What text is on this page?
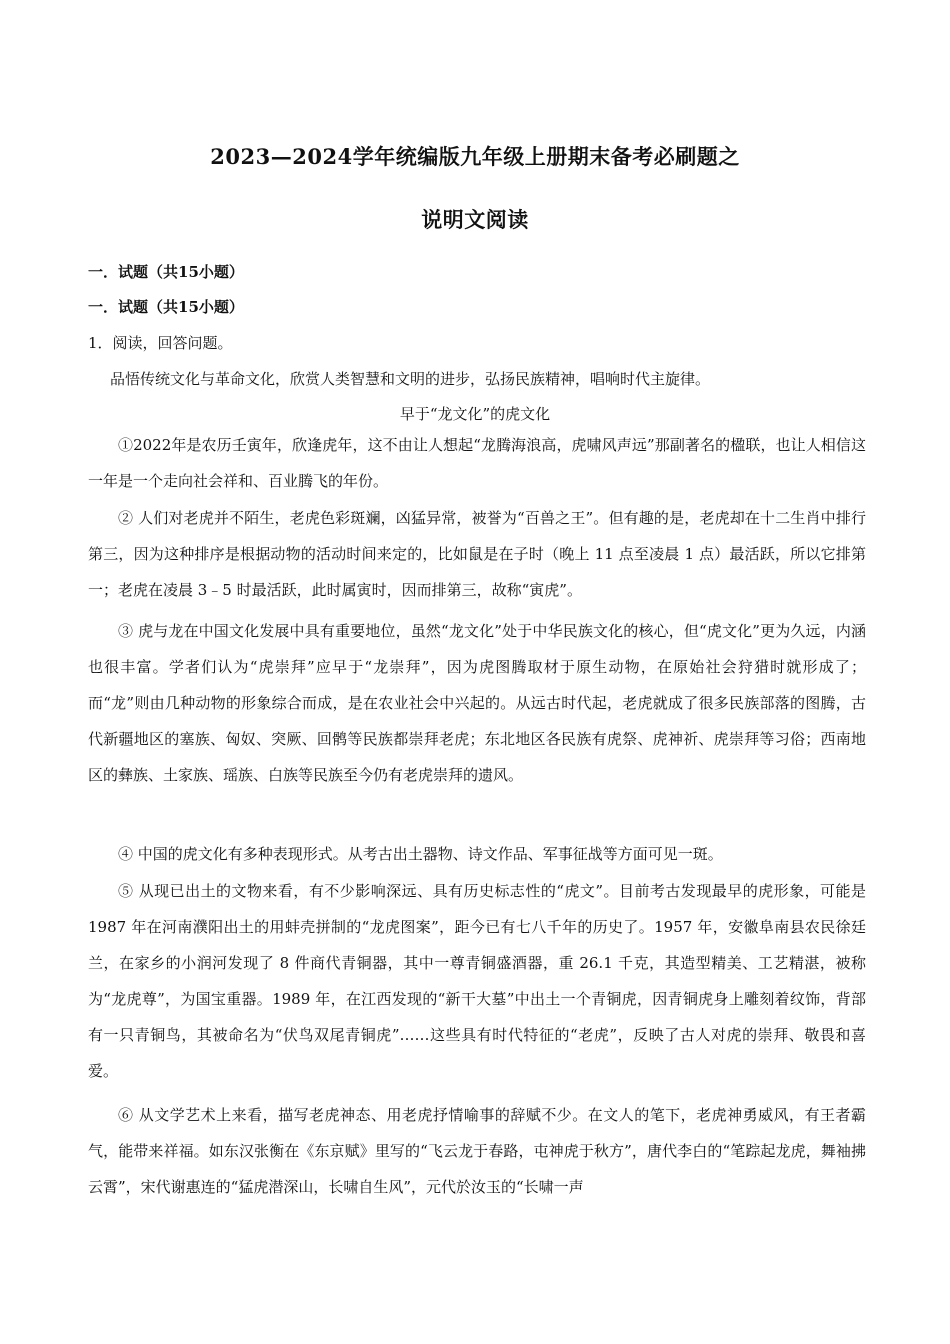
2023—2024学年统编版九年级上册期末备考必刷题之
说明文阅读
一．试题（共15小题）
一．试题（共15小题）
1．阅读，回答问题。
品悟传统文化与革命文化，欣赏人类智慧和文明的进步，弘扬民族精神，唱响时代主旋律。
早于“龙文化”的虎文化

①2022年是农历壬寅年，欣逢虎年，这不由让人想起“龙腾海浪高，虎啸风声远”那副著名的楹联，也让人相信这一年是一个走向社会祥和、百业腾飞的年份。

② 人们对老虎并不陌生，老虎色彩斑斓，凶猛异常，被誉为“百兽之王”。但有趣的是，老虎却在十二生肖中排行第三，因为这种排序是根据动物的活动时间来定的，比如鼠是在子时（晚上 11 点至凌晨 1 点）最活跃，所以它排第一；老虎在凌晨 3﹣5 时最活跃，此时属寅时，因而排第三，故称“寅虎”。

③ 虎与龙在中国文化发展中具有重要地位，虽然“龙文化”处于中华民族文化的核心，但“虎文化”更为久远，内涵也很丰富。学者们认为“虎崇拜”应早于“龙崇拜”，因为虎图腾取材于原生动物，在原始社会狩猎时就形成了；而“龙”则由几种动物的形象综合而成，是在农业社会中兴起的。从远古时代起，老虎就成了很多民族部落的图腾，古代新疆地区的塞族、匈奴、突厥、回鹘等民族都崇拜老虎；东北地区各民族有虎祭、虎神祈、虎崇拜等习俗；西南地区的彝族、土家族、瑶族、白族等民族至今仍有老虎崇拜的遗风。

④ 中国的虎文化有多种表现形式。从考古出土器物、诗文作品、军事征战等方面可见一斑。

⑤ 从现已出土的文物来看，有不少影响深远、具有历史标志性的“虎文”。目前考古发现最早的虎形象，可能是 1987 年在河南濮阳出土的用蚌壳拼制的“龙虎图案”，距今已有七八千年的历史了。1957 年，安徽阜南县农民徐廷兰，在家乡的小润河发现了 8 件商代青铜器，其中一尊青铜盛酒器，重 26.1 千克，其造型精美、工艺精湛，被称为“龙虎尊”，为国宝重器。1989 年，在江西发现的“新干大墓”中出土一个青铜虎，因青铜虎身上雕刻着纹饰，背部有一只青铜鸟，其被命名为“伏鸟双尾青铜虎”……这些具有时代特征的“老虎”，反映了古人对虎的崇拜、敬畏和喜爱。

⑥ 从文学艺术上来看，描写老虎神态、用老虎抒情喻事的辞赋不少。在文人的笔下，老虎神勇威风，有王者霸气，能带来祥福。如东汉张衡在《东京赋》里写的“飞云龙于春路，屯神虎于秋方”，唐代李白的“笔踪起龙虎，舞袖拂云霄”，宋代谢惠连的“猛虎潜深山，长啸自生风”，元代於汝玉的“长啸一声
